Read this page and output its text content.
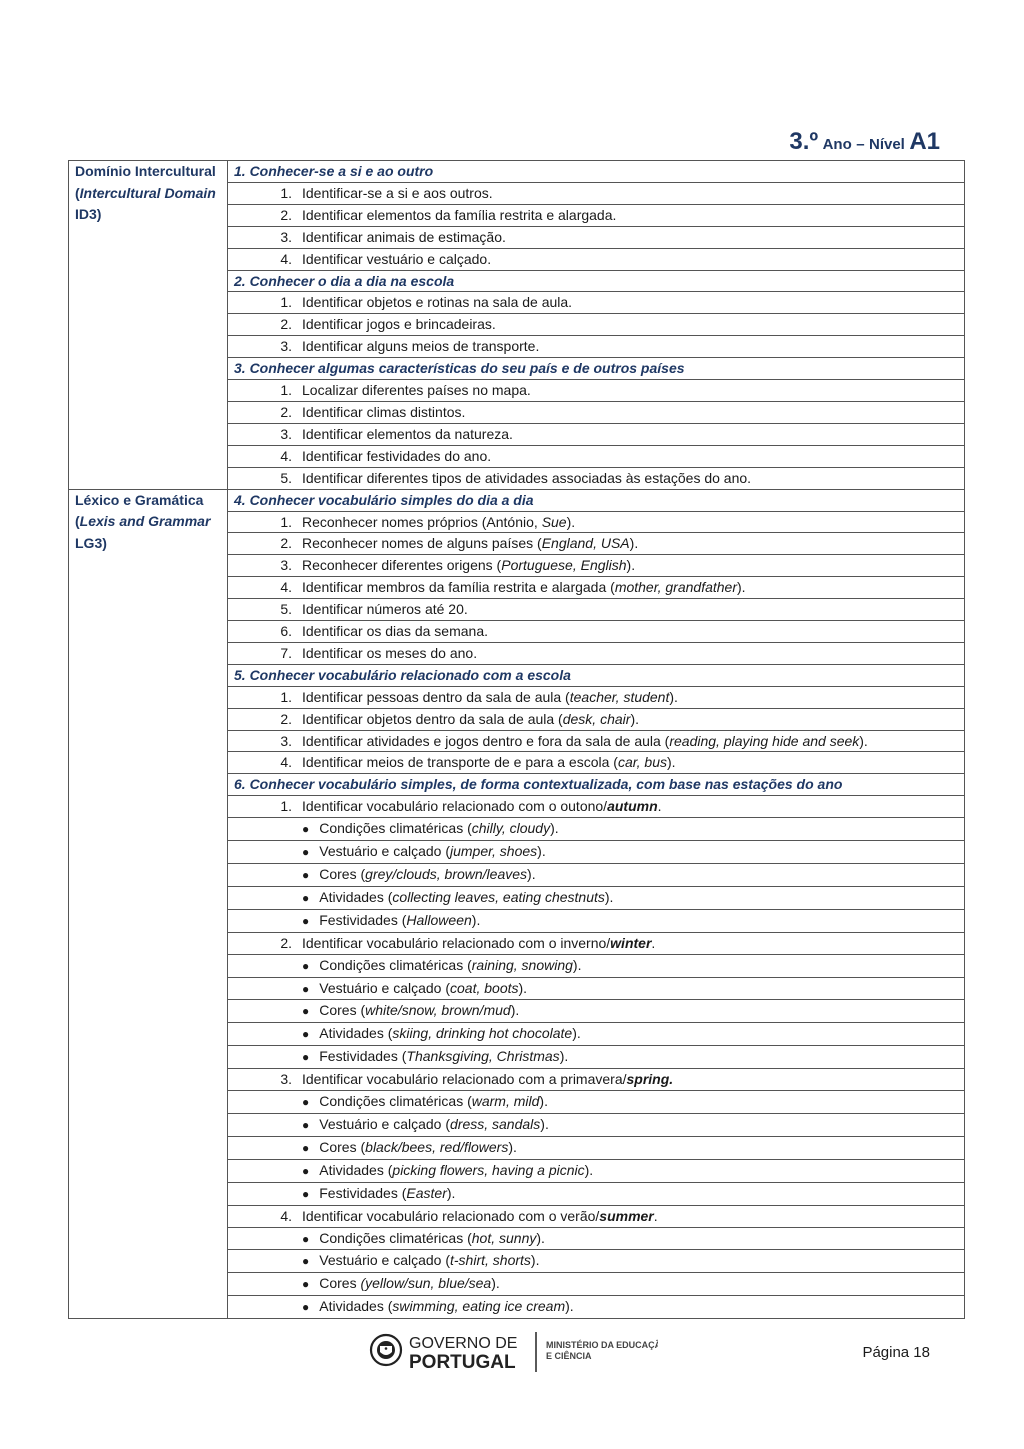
3.º Ano – Nível A1
Domínio Intercultural
(Intercultural Domain ID3)	1. Conhecer-se a si e ao outro
	1. Identificar-se a si e aos outros.
	2. Identificar elementos da família restrita e alargada.
	3. Identificar animais de estimação.
	4. Identificar vestuário e calçado.
	2. Conhecer o dia a dia na escola
	1. Identificar objetos e rotinas na sala de aula.
	2. Identificar jogos e brincadeiras.
	3. Identificar alguns meios de transporte.
	3. Conhecer algumas características do seu país e de outros países
	1. Localizar diferentes países no mapa.
	2. Identificar climas distintos.
	3. Identificar elementos da natureza.
	4. Identificar festividades do ano.
	5. Identificar diferentes tipos de atividades associadas às estações do ano.
Léxico e Gramática
(Lexis and Grammar LG3)	4. Conhecer vocabulário simples do dia a dia
	1. Reconhecer nomes próprios (António, Sue).
	2. Reconhecer nomes de alguns países (England, USA).
	3. Reconhecer diferentes origens (Portuguese, English).
	4. Identificar membros da família restrita e alargada (mother, grandfather).
	5. Identificar números até 20.
	6. Identificar os dias da semana.
	7. Identificar os meses do ano.
	5. Conhecer vocabulário relacionado com a escola
	1. Identificar pessoas dentro da sala de aula (teacher, student).
	2. Identificar objetos dentro da sala de aula (desk, chair).
	3. Identificar atividades e jogos dentro e fora da sala de aula (reading, playing hide and seek).
	4. Identificar meios de transporte de e para a escola (car, bus).
	6. Conhecer vocabulário simples, de forma contextualizada, com base nas estações do ano
	1. Identificar vocabulário relacionado com o outono/autumn.
	● Condições climatéricas (chilly, cloudy).
	● Vestuário e calçado (jumper, shoes).
	● Cores (grey/clouds, brown/leaves).
	● Atividades (collecting leaves, eating chestnuts).
	● Festividades (Halloween).
	2. Identificar vocabulário relacionado com o inverno/winter.
	● Condições climatéricas (raining, snowing).
	● Vestuário e calçado (coat, boots).
	● Cores (white/snow, brown/mud).
	● Atividades (skiing, drinking hot chocolate).
	● Festividades (Thanksgiving, Christmas).
	3. Identificar vocabulário relacionado com a primavera/spring.
	● Condições climatéricas (warm, mild).
	● Vestuário e calçado (dress, sandals).
	● Cores (black/bees, red/flowers).
	● Atividades (picking flowers, having a picnic).
	● Festividades (Easter).
	4. Identificar vocabulário relacionado com o verão/summer.
	● Condições climatéricas (hot, sunny).
	● Vestuário e calçado (t-shirt, shorts).
	● Cores (yellow/sun, blue/sea).
	● Atividades (swimming, eating ice cream).
GOVERNO DE
PORTUGAL
MINISTÉRIO DA EDUCAÇÃO
E CIÊNCIA	Página 18
